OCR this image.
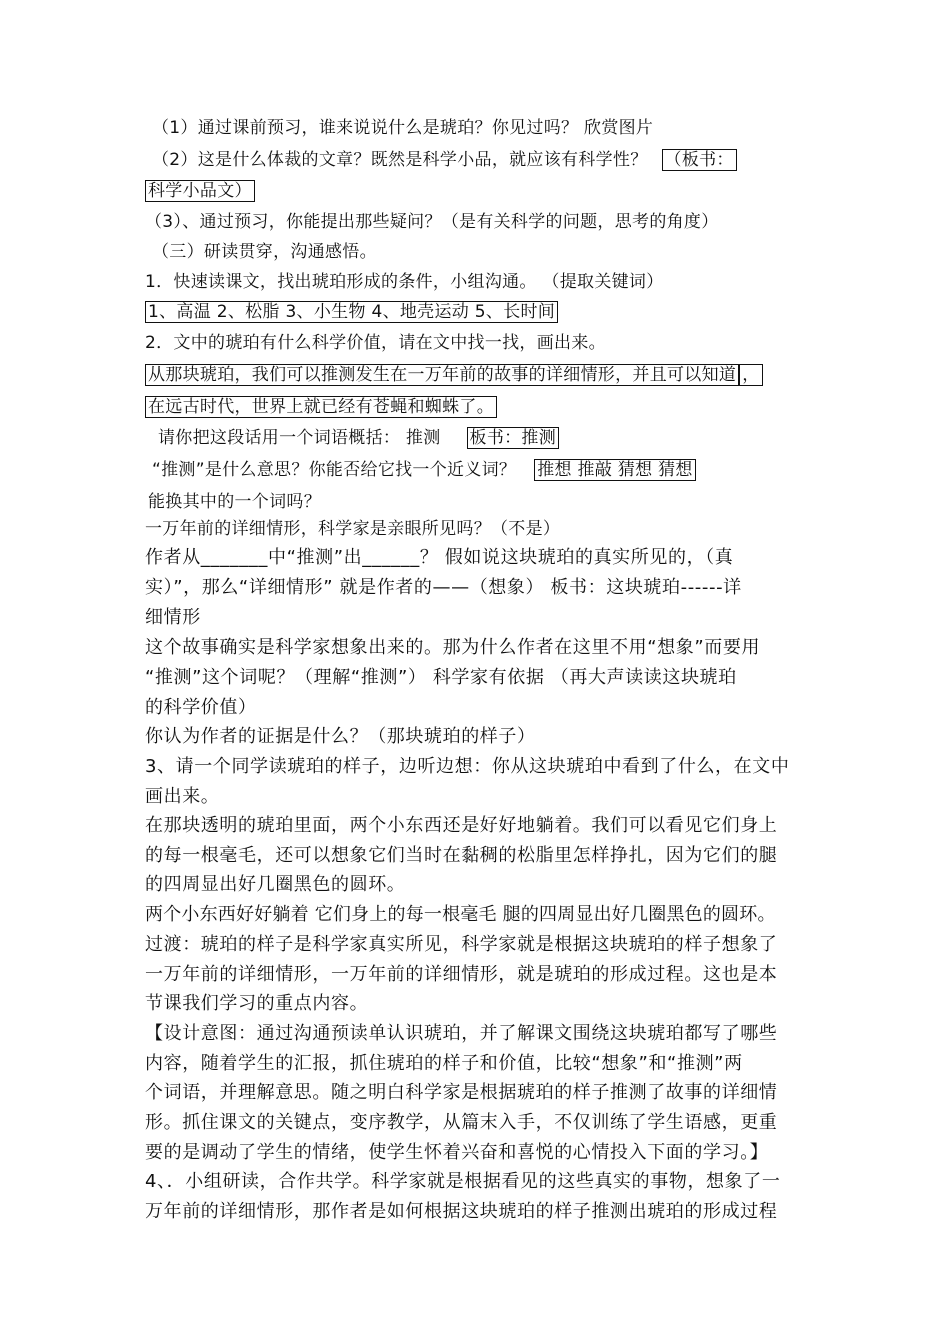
（1）通过课前预习，谁来说说什么是琥珀？你见过吗？ 欣赏图片
（2）这是什么体裁的文章？既然是科学小品，就应该有科学性？ （板书：
科学小品文）
（3）、通过预习，你能提出那些疑问？（是有关科学的问题，思考的角度）
（三）研读贯穿，沟通感悟。
1．快速读课文，找出琥珀形成的条件，小组沟通。 （提取关键词）
1、高温 2、松脂 3、小生物 4、地壳运动 5、长时间
2．文中的琥珀有什么科学价值，请在文中找一找，画出来。
从那块琥珀，我们可以推测发生在一万年前的故事的详细情形，并且可以知道 ，
在远古时代，世界上就已经有苍蝇和蜘蛛了。
请你把这段话用一个词语概括： 推测 板书：推测
“推测”是什么意思？你能否给它找一个近义词？ 推想 推敲 猜想 猜想
能换其中的一个词吗？
一万年前的详细情形，科学家是亲眼所见吗？（不是）
作者从_______中“推测”出______？ 假如说这块琥珀的真实所见的，（真
实）”，那么“详细情形” 就是作者的——（想象） 板书：这块琥珀------详
细情形
这个故事确实是科学家想象出来的。那为什么作者在这里不用“想象”而要用
“推测”这个词呢？（理解“推测”） 科学家有依据 （再大声读读这块琥珀
的科学价值）
你认为作者的证据是什么？（那块琥珀的样子）
3、请一个同学读琥珀的样子，边听边想：你从这块琥珀中看到了什么，在文中
画出来。
在那块透明的琥珀里面，两个小东西还是好好地躺着。我们可以看见它们身上
的每一根毫毛，还可以想象它们当时在黏稠的松脂里怎样挣扎，因为它们的腿
的四周显出好几圈黑色的圆环。
两个小东西好好躺着 它们身上的每一根毫毛 腿的四周显出好几圈黑色的圆环。
过渡：琥珀的样子是科学家真实所见，科学家就是根据这块琥珀的样子想象了
一万年前的详细情形，一万年前的详细情形，就是琥珀的形成过程。这也是本
节课我们学习的重点内容。
【设计意图：通过沟通预读单认识琥珀，并了解课文围绕这块琥珀都写了哪些
内容，随着学生的汇报，抓住琥珀的样子和价值，比较“想象”和“推测”两
个词语，并理解意思。随之明白科学家是根据琥珀的样子推测了故事的详细情
形。抓住课文的关键点，变序教学，从篇末入手，不仅训练了学生语感，更重
要的是调动了学生的情绪，使学生怀着兴奋和喜悦的心情投入下面的学习。】
4、．小组研读，合作共学。科学家就是根据看见的这些真实的事物，想象了一
万年前的详细情形，那作者是如何根据这块琥珀的样子推测出琥珀的形成过程
